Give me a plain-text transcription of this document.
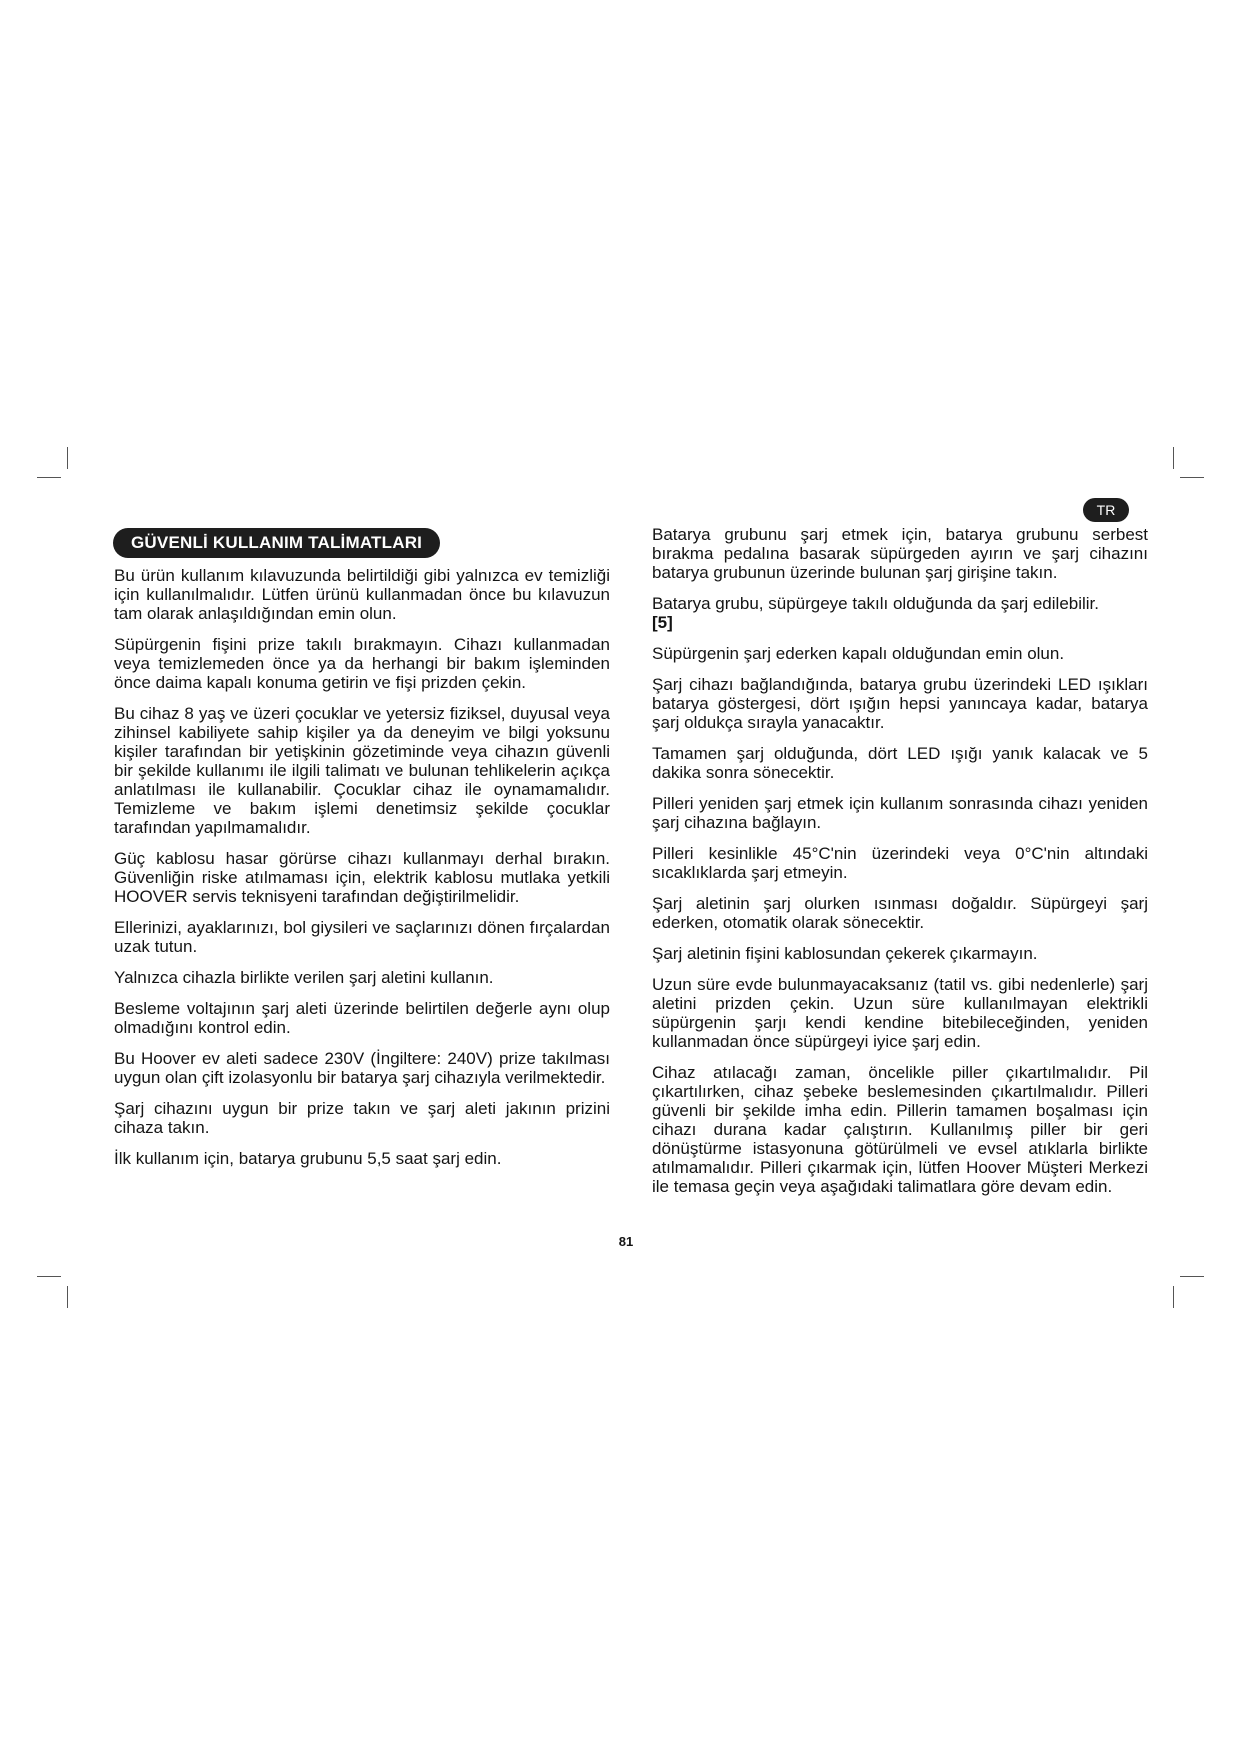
GÜVENLİ KULLANIM TALİMATLARI
TR

Bu ürün kullanım kılavuzunda belirtildiği gibi yalnızca ev temizliği için kullanılmalıdır. Lütfen ürünü kullanmadan önce bu kılavuzun tam olarak anlaşıldığından emin olun.

Süpürgenin fişini prize takılı bırakmayın. Cihazı kullanmadan veya temizlemeden önce ya da herhangi bir bakım işleminden önce daima kapalı konuma getirin ve fişi prizden çekin.

Bu cihaz 8 yaş ve üzeri çocuklar ve yetersiz fiziksel, duyusal veya zihinsel kabiliyete sahip kişiler ya da deneyim ve bilgi yoksunu kişiler tarafından bir yetişkinin gözetiminde veya cihazın güvenli bir şekilde kullanımı ile ilgili talimatı ve bulunan tehlikelerin açıkça anlatılması ile kullanabilir. Çocuklar cihaz ile oynamamalıdır. Temizleme ve bakım işlemi denetimsiz şekilde çocuklar tarafından yapılmamalıdır.

Güç kablosu hasar görürse cihazı kullanmayı derhal bırakın. Güvenliğin riske atılmaması için, elektrik kablosu mutlaka yetkili HOOVER servis teknisyeni tarafından değiştirilmelidir.

Ellerinizi, ayaklarınızı, bol giysileri ve saçlarınızı dönen fırçalardan uzak tutun.

Yalnızca cihazla birlikte verilen şarj aletini kullanın.

Besleme voltajının şarj aleti üzerinde belirtilen değerle aynı olup olmadığını kontrol edin.

Bu Hoover ev aleti sadece 230V (İngiltere: 240V) prize takılması uygun olan çift izolasyonlu bir batarya şarj cihazıyla verilmektedir.

Şarj cihazını uygun bir prize takın ve şarj aleti jakının prizini cihaza takın.

İlk kullanım için, batarya grubunu 5,5 saat şarj edin.

Batarya grubunu şarj etmek için, batarya grubunu serbest bırakma pedalına basarak süpürgeden ayırın ve şarj cihazını batarya grubunun üzerinde bulunan şarj girişine takın.

Batarya grubu, süpürgeye takılı olduğunda da şarj edilebilir.
[5]

Süpürgenin şarj ederken kapalı olduğundan emin olun.

Şarj cihazı bağlandığında, batarya grubu üzerindeki LED ışıkları batarya göstergesi, dört ışığın hepsi yanıncaya kadar, batarya şarj oldukça sırayla yanacaktır.

Tamamen şarj olduğunda, dört LED ışığı yanık kalacak ve 5 dakika sonra sönecektir.

Pilleri yeniden şarj etmek için kullanım sonrasında cihazı yeniden şarj cihazına bağlayın.

Pilleri kesinlikle 45°C'nin üzerindeki veya 0°C'nin altındaki sıcaklıklarda şarj etmeyin.

Şarj aletinin şarj olurken ısınması doğaldır. Süpürgeyi şarj ederken, otomatik olarak sönecektir.

Şarj aletinin fişini kablosundan çekerek çıkarmayın.

Uzun süre evde bulunmayacaksanız (tatil vs. gibi nedenlerle) şarj aletini prizden çekin. Uzun süre kullanılmayan elektrikli süpürgenin şarjı kendi kendine bitebileceğinden, yeniden kullanmadan önce süpürgeyi iyice şarj edin.

Cihaz atılacağı zaman, öncelikle piller çıkartılmalıdır. Pil çıkartılırken, cihaz şebeke beslemesinden çıkartılmalıdır. Pilleri güvenli bir şekilde imha edin. Pillerin tamamen boşalması için cihazı durana kadar çalıştırın. Kullanılmış piller bir geri dönüştürme istasyonuna götürülmeli ve evsel atıklarla birlikte atılmamalıdır. Pilleri çıkarmak için, lütfen Hoover Müşteri Merkezi ile temasa geçin veya aşağıdaki talimatlara göre devam edin.

81
